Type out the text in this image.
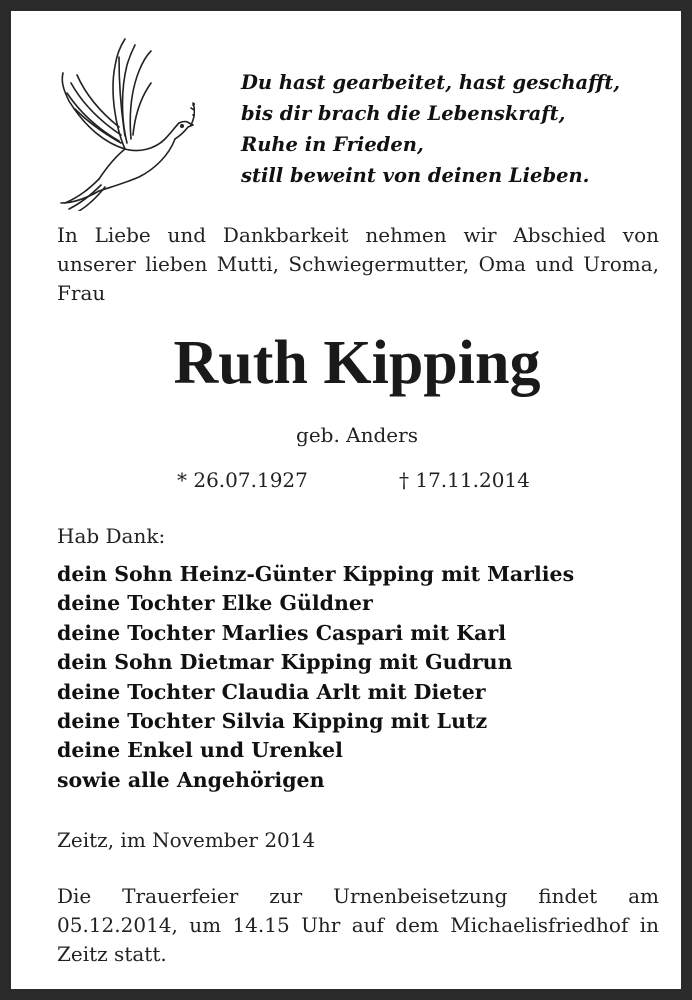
Du hast gearbeitet, hast geschafft,
bis dir brach die Lebenskraft,
Ruhe in Frieden,
still beweint von deinen Lieben.
In Liebe und Dankbarkeit nehmen wir Abschied von unserer lieben Mutti, Schwiegermutter, Oma und Uroma, Frau
Ruth Kipping
geb. Anders
* 26.07.1927	† 17.11.2014
Hab Dank:
dein Sohn Heinz-Günter Kipping mit Marlies
deine Tochter Elke Güldner
deine Tochter Marlies Caspari mit Karl
dein Sohn Dietmar Kipping mit Gudrun
deine Tochter Claudia Arlt mit Dieter
deine Tochter Silvia Kipping mit Lutz
deine Enkel und Urenkel
sowie alle Angehörigen
Zeitz, im November 2014
Die Trauerfeier zur Urnenbeisetzung findet am 05.12.2014, um 14.15 Uhr auf dem Michaelisfriedhof in Zeitz statt.
